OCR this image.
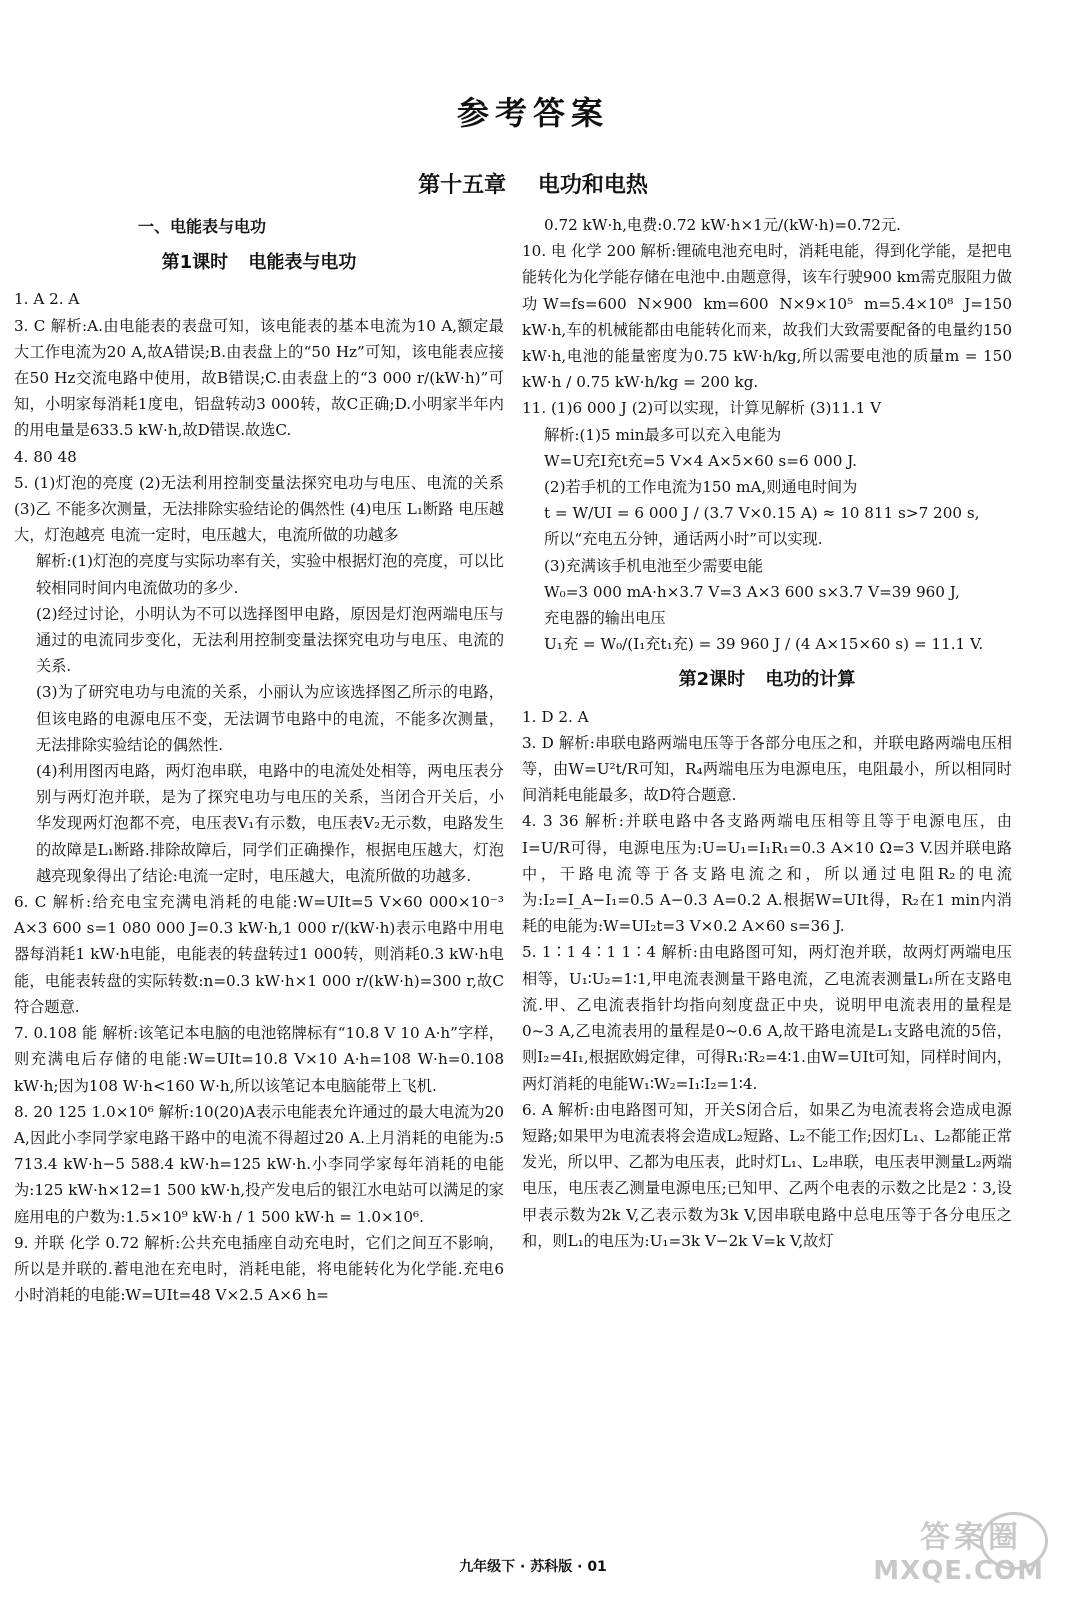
参考答案
第十五章 电功和电热
一、电能表与电功
第1课时 电能表与电功

1. A 2. A

3. C 解析:A.由电能表的表盘可知，该电能表的基本电流为10 A,额定最大工作电流为20 A,故A错误;B.由表盘上的“50 Hz”可知，该电能表应接在50 Hz交流电路中使用，故B错误;C.由表盘上的“3 000 r/(kW·h)”可知，小明家每消耗1度电，铝盘转动3 000转，故C正确;D.小明家半年内的用电量是633.5 kW·h,故D错误.故选C.

4. 80 48

5. (1)灯泡的亮度 (2)无法利用控制变量法探究电功与电压、电流的关系 (3)乙 不能多次测量，无法排除实验结论的偶然性 (4)电压 L₁断路 电压越大，灯泡越亮 电流一定时，电压越大，电流所做的功越多

解析:(1)灯泡的亮度与实际功率有关，实验中根据灯泡的亮度，可以比较相同时间内电流做功的多少.

(2)经过讨论，小明认为不可以选择图甲电路，原因是灯泡两端电压与通过的电流同步变化，无法利用控制变量法探究电功与电压、电流的关系.

(3)为了研究电功与电流的关系，小丽认为应该选择图乙所示的电路，但该电路的电源电压不变，无法调节电路中的电流，不能多次测量，无法排除实验结论的偶然性.

(4)利用图丙电路，两灯泡串联，电路中的电流处处相等，两电压表分别与两灯泡并联，是为了探究电功与电压的关系，当闭合开关后，小华发现两灯泡都不亮，电压表V₁有示数，电压表V₂无示数，电路发生的故障是L₁断路.排除故障后，同学们正确操作，根据电压越大，灯泡越亮现象得出了结论:电流一定时，电压越大，电流所做的功越多.

6. C 解析:给充电宝充满电消耗的电能:W=UIt=5 V×60 000×10⁻³ A×3 600 s=1 080 000 J=0.3 kW·h,1 000 r/(kW·h)表示电路中用电器每消耗1 kW·h电能，电能表的转盘转过1 000转，则消耗0.3 kW·h电能，电能表转盘的实际转数:n=0.3 kW·h×1 000 r/(kW·h)=300 r,故C符合题意.

7. 0.108 能 解析:该笔记本电脑的电池铭牌标有“10.8 V 10 A·h”字样，则充满电后存储的电能:W=UIt=10.8 V×10 A·h=108 W·h=0.108 kW·h;因为108 W·h<160 W·h,所以该笔记本电脑能带上飞机.

8. 20 125 1.0×10⁶ 解析:10(20)A表示电能表允许通过的最大电流为20 A,因此小李同学家电路干路中的电流不得超过20 A.上月消耗的电能为:5 713.4 kW·h−5 588.4 kW·h=125 kW·h.小李同学家每年消耗的电能为:125 kW·h×12=1 500 kW·h,投产发电后的银江水电站可以满足的家庭用电的户数为:1.5×10⁹ kW·h / 1 500 kW·h = 1.0×10⁶.

9. 并联 化学 0.72 解析:公共充电插座自动充电时，它们之间互不影响，所以是并联的.蓄电池在充电时，消耗电能，将电能转化为化学能.充电6小时消耗的电能:W=UIt=48 V×2.5 A×6 h=

0.72 kW·h,电费:0.72 kW·h×1元/(kW·h)=0.72元.

10. 电 化学 200 解析:锂硫电池充电时，消耗电能，得到化学能，是把电能转化为化学能存储在电池中.由题意得，该车行驶900 km需克服阻力做功W=fs=600 N×900 km=600 N×9×10⁵ m=5.4×10⁸ J=150 kW·h,车的机械能都由电能转化而来，故我们大致需要配备的电量约150 kW·h,电池的能量密度为0.75 kW·h/kg,所以需要电池的质量m = 150 kW·h / 0.75 kW·h/kg = 200 kg.

11. (1)6 000 J (2)可以实现，计算见解析 (3)11.1 V

解析:(1)5 min最多可以充入电能为

W=U充I充t充=5 V×4 A×5×60 s=6 000 J.

(2)若手机的工作电流为150 mA,则通电时间为

t = W/UI = 6 000 J / (3.7 V×0.15 A) ≈ 10 811 s>7 200 s,

所以“充电五分钟，通话两小时”可以实现.

(3)充满该手机电池至少需要电能

W₀=3 000 mA·h×3.7 V=3 A×3 600 s×3.7 V=39 960 J,

充电器的输出电压

U₁充 = W₀/(I₁充t₁充) = 39 960 J / (4 A×15×60 s) = 11.1 V.

第2课时 电功的计算

1. D 2. A

3. D 解析:串联电路两端电压等于各部分电压之和，并联电路两端电压相等，由W=U²t/R可知，R₄两端电压为电源电压，电阻最小，所以相同时间消耗电能最多，故D符合题意.

4. 3 36 解析:并联电路中各支路两端电压相等且等于电源电压，由I=U/R可得，电源电压为:U=U₁=I₁R₁=0.3 A×10 Ω=3 V.因并联电路中，干路电流等于各支路电流之和，所以通过电阻R₂的电流为:I₂=I_A−I₁=0.5 A−0.3 A=0.2 A.根据W=UIt得，R₂在1 min内消耗的电能为:W=UI₂t=3 V×0.2 A×60 s=36 J.

5. 1∶1 4∶1 1∶4 解析:由电路图可知，两灯泡并联，故两灯两端电压相等，U₁∶U₂=1∶1,甲电流表测量干路电流，乙电流表测量L₁所在支路电流.甲、乙电流表指针均指向刻度盘正中央，说明甲电流表用的量程是0~3 A,乙电流表用的量程是0~0.6 A,故干路电流是L₁支路电流的5倍，则I₂=4I₁,根据欧姆定律，可得R₁∶R₂=4∶1.由W=UIt可知，同样时间内，两灯消耗的电能W₁∶W₂=I₁∶I₂=1∶4.

6. A 解析:由电路图可知，开关S闭合后，如果乙为电流表将会造成电源短路;如果甲为电流表将会造成L₂短路、L₂不能工作;因灯L₁、L₂都能正常发光，所以甲、乙都为电压表，此时灯L₁、L₂串联，电压表甲测量L₂两端电压，电压表乙测量电源电压;已知甲、乙两个电表的示数之比是2∶3,设甲表示数为2k V,乙表示数为3k V,因串联电路中总电压等于各分电压之和，则L₁的电压为:U₁=3k V−2k V=k V,故灯

九年级下 · 苏科版 · 01
答案圈
MXQE.COM
